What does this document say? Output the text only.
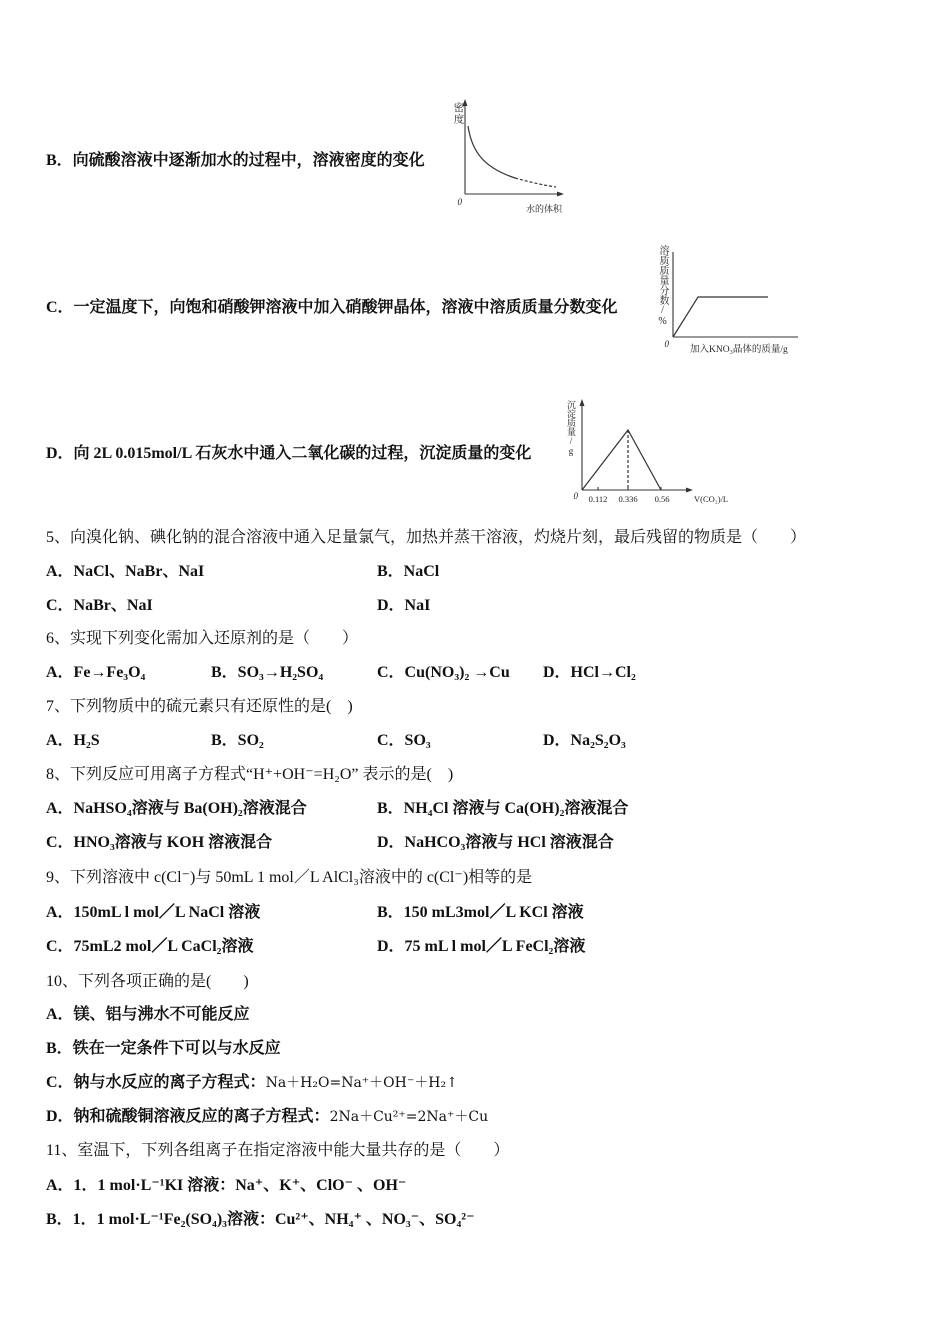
B．向硫酸溶液中逐渐加水的过程中，溶液密度的变化
0
水的体积
密度
C．一定温度下，向饱和硝酸钾溶液中加入硝酸钾晶体，溶液中溶质质量分数变化
0
加入KNO₃晶体的质量/g
溶质质量分数/%
D．向 2L 0.015mol/L 石灰水中通入二氧化碳的过程，沉淀质量的变化
0 0.112 0.336 0.56	V(CO₂)/L
沉淀质量/g
5、向溴化钠、碘化钠的混合溶液中通入足量氯气，加热并蒸干溶液，灼烧片刻，最后残留的物质是（　　）
A．NaCl、NaBr、NaI	B．NaCl
C．NaBr、NaI	D．NaI
6、实现下列变化需加入还原剂的是（　　）
A．Fe→Fe₃O₄	B．SO₃→H₂SO₄	C．Cu(NO₃)₂ →Cu D．HCl→Cl₂
7、下列物质中的硫元素只有还原性的是(　)
A．H₂S	B．SO₂	C．SO₃	D．Na₂S₂O₃
8、下列反应可用离子方程式“H⁺+OH⁻=H₂O” 表示的是(　)
A．NaHSO₄溶液与 Ba(OH)₂溶液混合	B．NH₄Cl 溶液与 Ca(OH)₂溶液混合
C．HNO₃溶液与 KOH 溶液混合	D．NaHCO₃溶液与 HCl 溶液混合
9、下列溶液中 c(Cl⁻)与 50mL 1 mol／L AlCl₃溶液中的 c(Cl⁻)相等的是
A．150mL l mol／L NaCl 溶液	B．150 mL3mol／L KCl 溶液
C．75mL2 mol／L CaCl₂溶液	D．75 mL l mol／L FeCl₂溶液
10、下列各项正确的是(　　)
A．镁、铝与沸水不可能反应
B．铁在一定条件下可以与水反应
C．钠与水反应的离子方程式：Na＋H₂O=Na⁺＋OH⁻＋H₂↑
D．钠和硫酸铜溶液反应的离子方程式：2Na＋Cu²⁺=2Na⁺＋Cu
11、室温下，下列各组离子在指定溶液中能大量共存的是（　　）
A．1．1 mol·L⁻¹KI 溶液：Na⁺、K⁺、ClO⁻ 、OH⁻
B．1．1 mol·L⁻¹Fe₂(SO₄)₃溶液：Cu²⁺、NH₄⁺ 、NO₃⁻、SO₄²⁻
